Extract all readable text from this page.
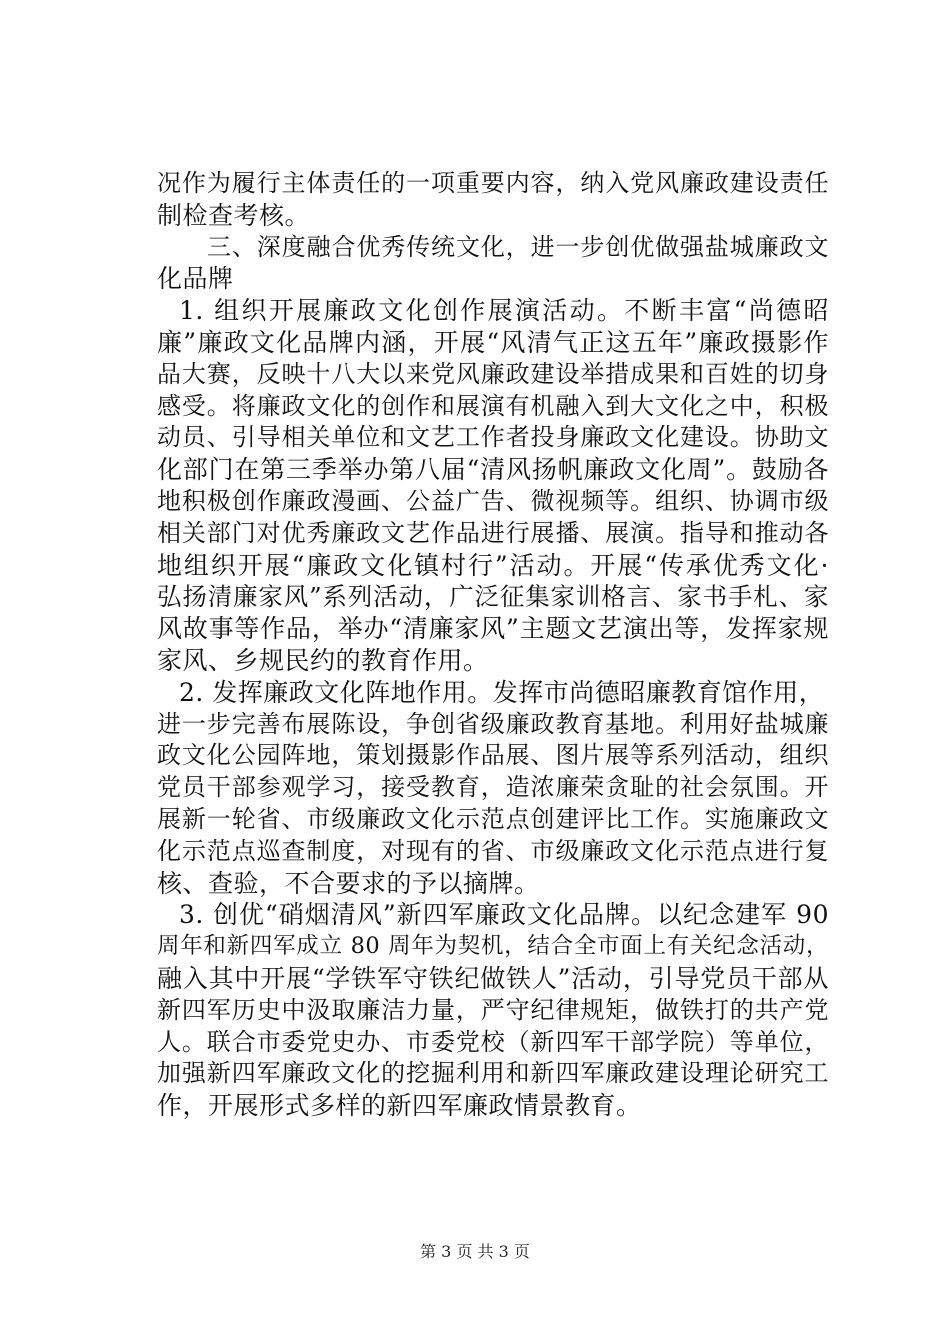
况作为履行主体责任的一项重要内容，纳入党风廉政建设责任
制检查考核。
三、深度融合优秀传统文化，进一步创优做强盐城廉政文
化品牌
1. 组织开展廉政文化创作展演活动。不断丰富“尚德昭
廉”廉政文化品牌内涵，开展“风清气正这五年”廉政摄影作
品大赛，反映十八大以来党风廉政建设举措成果和百姓的切身
感受。将廉政文化的创作和展演有机融入到大文化之中，积极
动员、引导相关单位和文艺工作者投身廉政文化建设。协助文
化部门在第三季举办第八届“清风扬帆廉政文化周”。鼓励各
地积极创作廉政漫画、公益广告、微视频等。组织、协调市级
相关部门对优秀廉政文艺作品进行展播、展演。指导和推动各
地组织开展“廉政文化镇村行”活动。开展“传承优秀文化·
弘扬清廉家风”系列活动，广泛征集家训格言、家书手札、家
风故事等作品，举办“清廉家风”主题文艺演出等，发挥家规
家风、乡规民约的教育作用。
2. 发挥廉政文化阵地作用。发挥市尚德昭廉教育馆作用，
进一步完善布展陈设，争创省级廉政教育基地。利用好盐城廉
政文化公园阵地，策划摄影作品展、图片展等系列活动，组织
党员干部参观学习，接受教育，造浓廉荣贪耻的社会氛围。开
展新一轮省、市级廉政文化示范点创建评比工作。实施廉政文
化示范点巡查制度，对现有的省、市级廉政文化示范点进行复
核、查验，不合要求的予以摘牌。
3. 创优“硝烟清风”新四军廉政文化品牌。以纪念建军 90
周年和新四军成立 80 周年为契机，结合全市面上有关纪念活动，
融入其中开展“学铁军守铁纪做铁人”活动，引导党员干部从
新四军历史中汲取廉洁力量，严守纪律规矩，做铁打的共产党
人。联合市委党史办、市委党校（新四军干部学院）等单位，
加强新四军廉政文化的挖掘利用和新四军廉政建设理论研究工
作，开展形式多样的新四军廉政情景教育。
第 3 页 共 3 页
